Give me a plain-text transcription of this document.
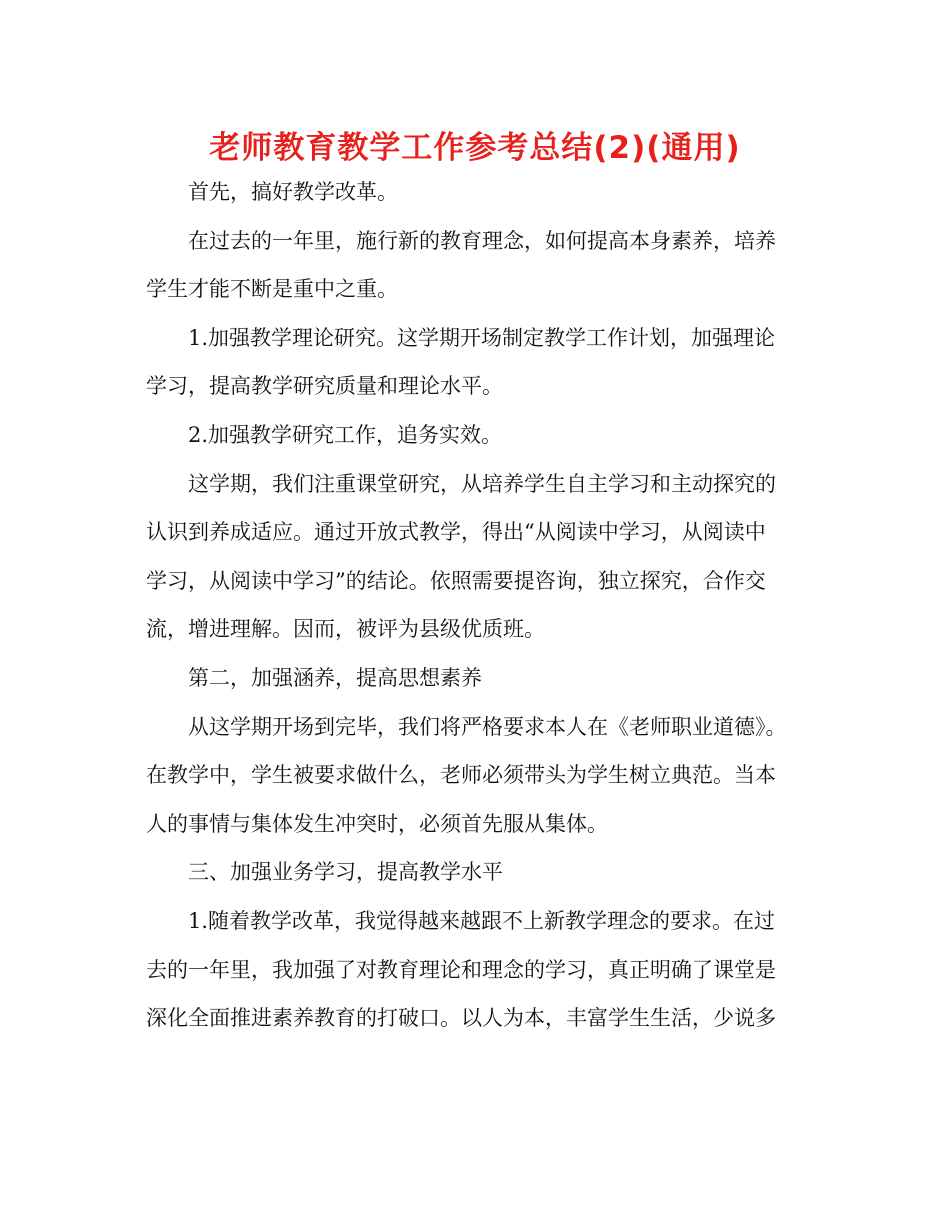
老师教育教学工作参考总结(2)(通用)
首先，搞好教学改革。
在过去的一年里，施行新的教育理念，如何提高本身素养，培养
学生才能不断是重中之重。
1.加强教学理论研究。这学期开场制定教学工作计划，加强理论
学习，提高教学研究质量和理论水平。
2.加强教学研究工作，追务实效。
这学期，我们注重课堂研究，从培养学生自主学习和主动探究的
认识到养成适应。通过开放式教学，得出“从阅读中学习，从阅读中
学习，从阅读中学习”的结论。依照需要提咨询，独立探究，合作交
流，增进理解。因而，被评为县级优质班。
第二，加强涵养，提高思想素养
从这学期开场到完毕，我们将严格要求本人在《老师职业道德》。
在教学中，学生被要求做什么，老师必须带头为学生树立典范。当本
人的事情与集体发生冲突时，必须首先服从集体。
三、加强业务学习，提高教学水平
1.随着教学改革，我觉得越来越跟不上新教学理念的要求。在过
去的一年里，我加强了对教育理论和理念的学习，真正明确了课堂是
深化全面推进素养教育的打破口。以人为本，丰富学生生活，少说多
